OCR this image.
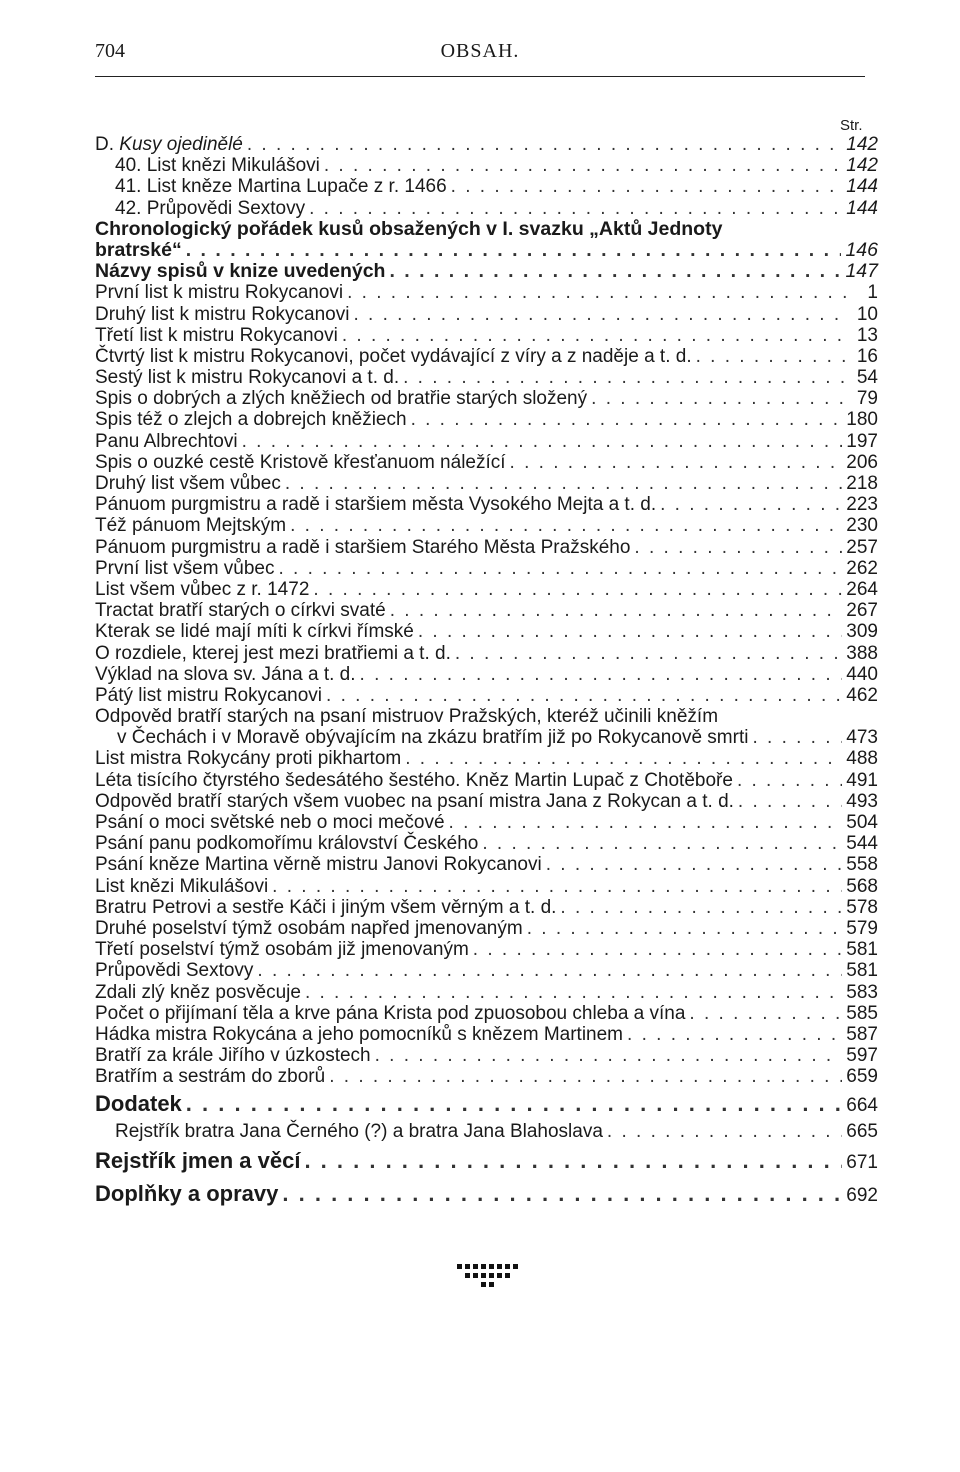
704	OBSAH.
Str.
D. Kusy ojedinělé . . .	142
40. List knězi Mikulášovi . . .	142
41. List kněze Martina Lupače z r. 1466 . . .	144
42. Průpovědi Sextovy . . .	144
Chronologický pořádek kusů obsažených v I. svazku „Aktů Jednoty
bratrské“ . . .	146
Názvy spisů v knize uvedených . . .	147
První list k mistru Rokycanovi . . .	1
Druhý list k mistru Rokycanovi . . .	10
Třetí list k mistru Rokycanovi . . .	13
Čtvrtý list k mistru Rokycanovi, počet vydávající z víry a z naděje a t. d. . . .	16
Sestý list k mistru Rokycanovi a t. d. . . .	54
Spis o dobrých a zlých kněžiech od bratřie starých složený . . .	79
Spis též o zlejch a dobrejch kněžiech . . .	180
Panu Albrechtovi . . .	197
Spis o ouzké cestě Kristově křesťanuom náležící . . .	206
Druhý list všem vůbec . . .	218
Pánuom purgmistru a radě i staršiem města Vysokého Mejta a t. d. . . .	223
Též pánuom Mejtským . . .	230
Pánuom purgmistru a radě i staršiem Starého Města Pražského . . .	257
První list všem vůbec . . .	262
List všem vůbec z r. 1472 . . .	264
Tractat bratří starých o církvi svaté . . .	267
Kterak se lidé mají míti k církvi římské . . .	309
O rozdiele, kterej jest mezi bratřiemi a t. d. . . .	388
Výklad na slova sv. Jána a t. d. . . .	440
Pátý list mistru Rokycanovi . . .	462
Odpověd bratří starých na psaní mistruov Pražských, kteréž učinili kněžím
v Čechách i v Moravě obývajícím na zkázu bratřím již po Rokycanově smrti . . .	473
List mistra Rokycány proti pikhartom . . .	488
Léta tisícího čtyrstého šedesátého šestého. Kněz Martin Lupač z Chotěboře . . .	491
Odpověd bratří starých všem vuobec na psaní mistra Jana z Rokycan a t. d. . . .	493
Psání o moci světské neb o moci mečové . . .	504
Psání panu podkomořímu království Českého . . .	544
Psání kněze Martina věrně mistru Janovi Rokycanovi . . .	558
List knězi Mikulášovi . . .	568
Bratru Petrovi a sestře Káči i jiným všem věrným a t. d. . . .	578
Druhé poselství týmž osobám napřed jmenovaným . . .	579
Třetí poselství týmž osobám již jmenovaným . . .	581
Průpovědi Sextovy . . .	581
Zdali zlý kněz posvěcuje . . .	583
Počet o přijímaní těla a krve pána Krista pod zpuosobou chleba a vína . . .	585
Hádka mistra Rokycána a jeho pomocníků s knězem Martinem . . .	587
Bratří za krále Jiřího v úzkostech . . .	597
Bratřím a sestrám do zborů . . .	659
Dodatek . . .	664
Rejstřík bratra Jana Černého (?) a bratra Jana Blahoslava . . .	665
Rejstřík jmen a věcí . . .	671
Doplňky a opravy . . .	692
